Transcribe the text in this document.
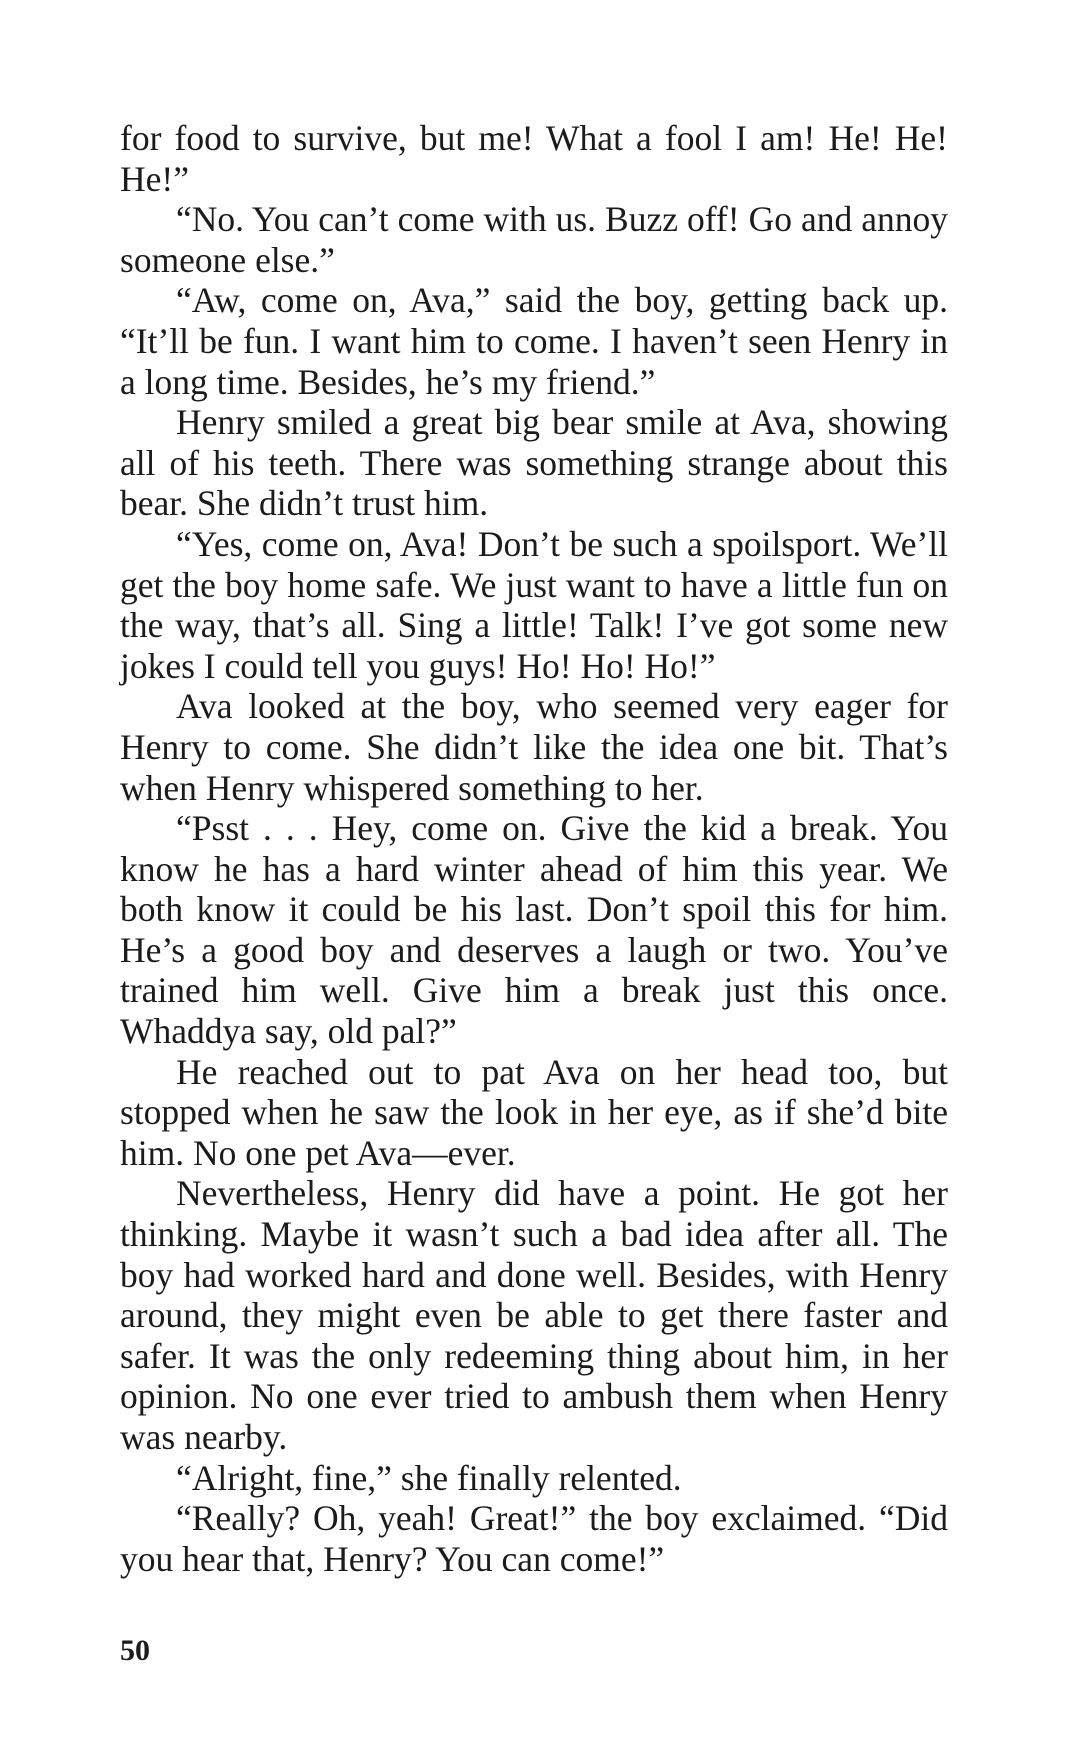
for food to survive, but me! What a fool I am! He! He! He!”

“No. You can’t come with us. Buzz off! Go and annoy someone else.”

“Aw, come on, Ava,” said the boy, getting back up. “It’ll be fun. I want him to come. I haven’t seen Henry in a long time. Besides, he’s my friend.”

Henry smiled a great big bear smile at Ava, showing all of his teeth. There was something strange about this bear. She didn’t trust him.

“Yes, come on, Ava! Don’t be such a spoilsport. We’ll get the boy home safe. We just want to have a little fun on the way, that’s all. Sing a little! Talk! I’ve got some new jokes I could tell you guys! Ho! Ho! Ho!”

Ava looked at the boy, who seemed very eager for Henry to come. She didn’t like the idea one bit. That’s when Henry whispered something to her.

“Psst . . . Hey, come on. Give the kid a break. You know he has a hard winter ahead of him this year. We both know it could be his last. Don’t spoil this for him. He’s a good boy and deserves a laugh or two. You’ve trained him well. Give him a break just this once. Whaddya say, old pal?”

He reached out to pat Ava on her head too, but stopped when he saw the look in her eye, as if she’d bite him. No one pet Ava—ever.

Nevertheless, Henry did have a point. He got her thinking. Maybe it wasn’t such a bad idea after all. The boy had worked hard and done well. Besides, with Henry around, they might even be able to get there faster and safer. It was the only redeeming thing about him, in her opinion. No one ever tried to ambush them when Henry was nearby.

“Alright, fine,” she finally relented.

“Really? Oh, yeah! Great!” the boy exclaimed. “Did you hear that, Henry? You can come!”

50
